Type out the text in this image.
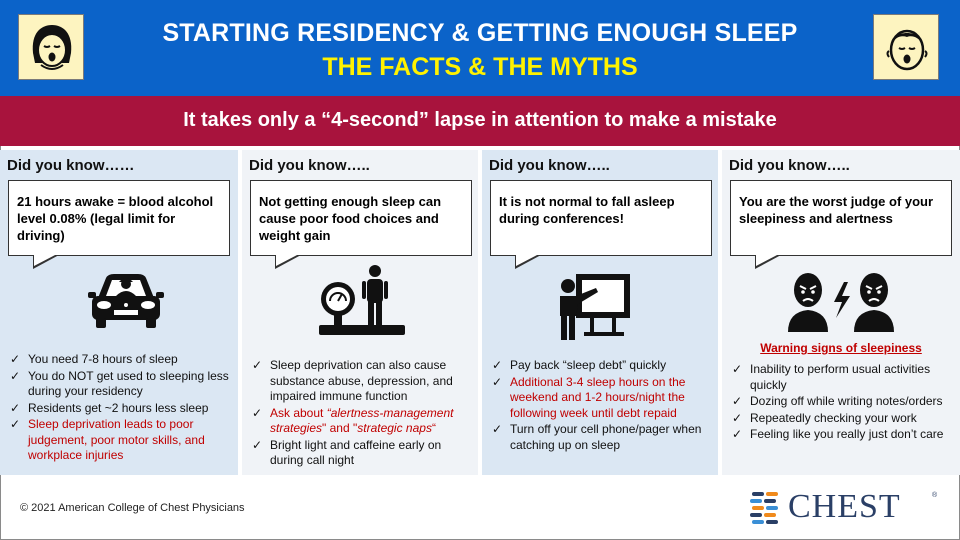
STARTING RESIDENCY & GETTING ENOUGH SLEEP
THE FACTS & THE MYTHS
It takes only a “4-second” lapse in attention to make a mistake
Did you know……

21 hours awake = blood alcohol level 0.08% (legal limit for driving)

✓ You need 7-8 hours of sleep
✓ You do NOT get used to sleeping less during your residency
✓ Residents get ~2 hours less sleep
✓ Sleep deprivation leads to poor judgement, poor motor skills, and workplace injuries
Did you know…..

Not getting enough sleep can cause poor food choices and weight gain

✓ Sleep deprivation can also cause substance abuse, depression, and impaired immune function
✓ Ask about “alertness-management strategies" and "strategic naps“
✓ Bright light and caffeine early on during call night
Did you know…..

It is not normal to fall asleep during conferences!

✓ Pay back “sleep debt” quickly
✓ Additional 3-4 sleep hours on the weekend and 1-2 hours/night the following week until debt repaid
✓ Turn off your cell phone/pager when catching up on sleep
Did you know…..

You are the worst judge of your sleepiness and alertness

Warning signs of sleepiness
✓ Inability to perform usual activities quickly
✓ Dozing off while writing notes/orders
✓ Repeatedly checking your work
✓ Feeling like you really just don’t care
© 2021 American College of Chest Physicians	CHEST	®
